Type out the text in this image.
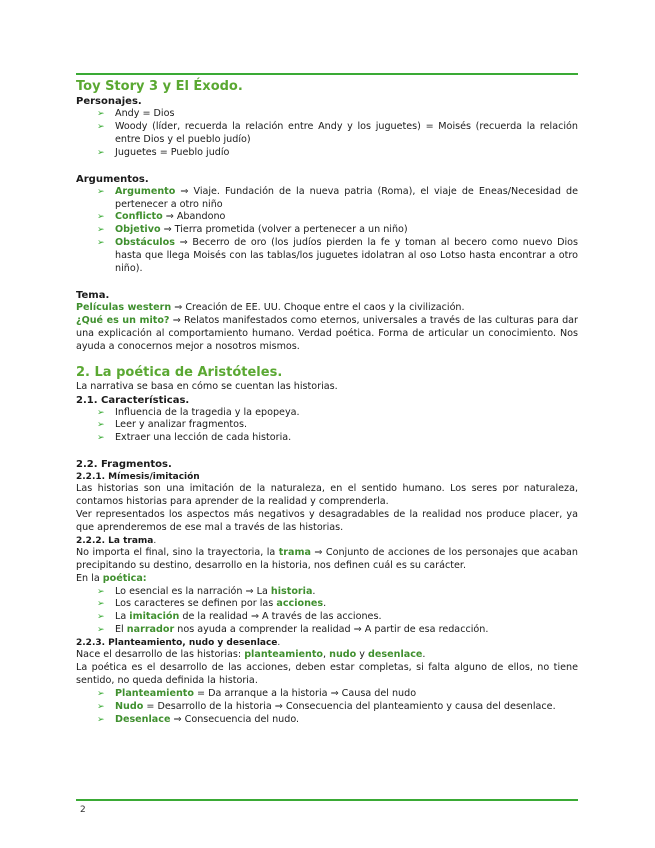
Toy Story 3 y El Éxodo.

Personajes.

➢ Andy = Dios
➢ Woody (líder, recuerda la relación entre Andy y los juguetes) = Moisés (recuerda la relación entre Dios y el pueblo judío)
➢ Juguetes = Pueblo judío

Argumentos.

➢ Argumento ⇒ Viaje. Fundación de la nueva patria (Roma), el viaje de Eneas/Necesidad de pertenecer a otro niño
➢ Conflicto ⇒ Abandono
➢ Objetivo ⇒ Tierra prometida (volver a pertenecer a un niño)
➢ Obstáculos ⇒ Becerro de oro (los judíos pierden la fe y toman al becero como nuevo Dios hasta que llega Moisés con las tablas/los juguetes idolatran al oso Lotso hasta encontrar a otro niño).

Tema.

Películas western ⇒ Creación de EE. UU. Choque entre el caos y la civilización.

¿Qué es un mito? ⇒ Relatos manifestados como eternos, universales a través de las culturas para dar una explicación al comportamiento humano. Verdad poética. Forma de articular un conocimiento. Nos ayuda a conocernos mejor a nosotros mismos.

2. La poética de Aristóteles.

La narrativa se basa en cómo se cuentan las historias.

2.1. Características.

➢ Influencia de la tragedia y la epopeya.
➢ Leer y analizar fragmentos.
➢ Extraer una lección de cada historia.

2.2. Fragmentos.

2.2.1. Mímesis/imitación

Las historias son una imitación de la naturaleza, en el sentido humano. Los seres por naturaleza, contamos historias para aprender de la realidad y comprenderla.

Ver representados los aspectos más negativos y desagradables de la realidad nos produce placer, ya que aprenderemos de ese mal a través de las historias.

2.2.2. La trama.

No importa el final, sino la trayectoria, la trama ⇒ Conjunto de acciones de los personajes que acaban precipitando su destino, desarrollo en la historia, nos definen cuál es su carácter.

En la poética:

➢ Lo esencial es la narración ⇒ La historia.
➢ Los caracteres se definen por las acciones.
➢ La imitación de la realidad ⇒ A través de las acciones.
➢ El narrador nos ayuda a comprender la realidad ⇒ A partir de esa redacción.

2.2.3. Planteamiento, nudo y desenlace.

Nace el desarrollo de las historias: planteamiento, nudo y desenlace.

La poética es el desarrollo de las acciones, deben estar completas, si falta alguno de ellos, no tiene sentido, no queda definida la historia.

➢ Planteamiento = Da arranque a la historia ⇒ Causa del nudo
➢ Nudo = Desarrollo de la historia ⇒ Consecuencia del planteamiento y causa del desenlace.
➢ Desenlace ⇒ Consecuencia del nudo.
2
